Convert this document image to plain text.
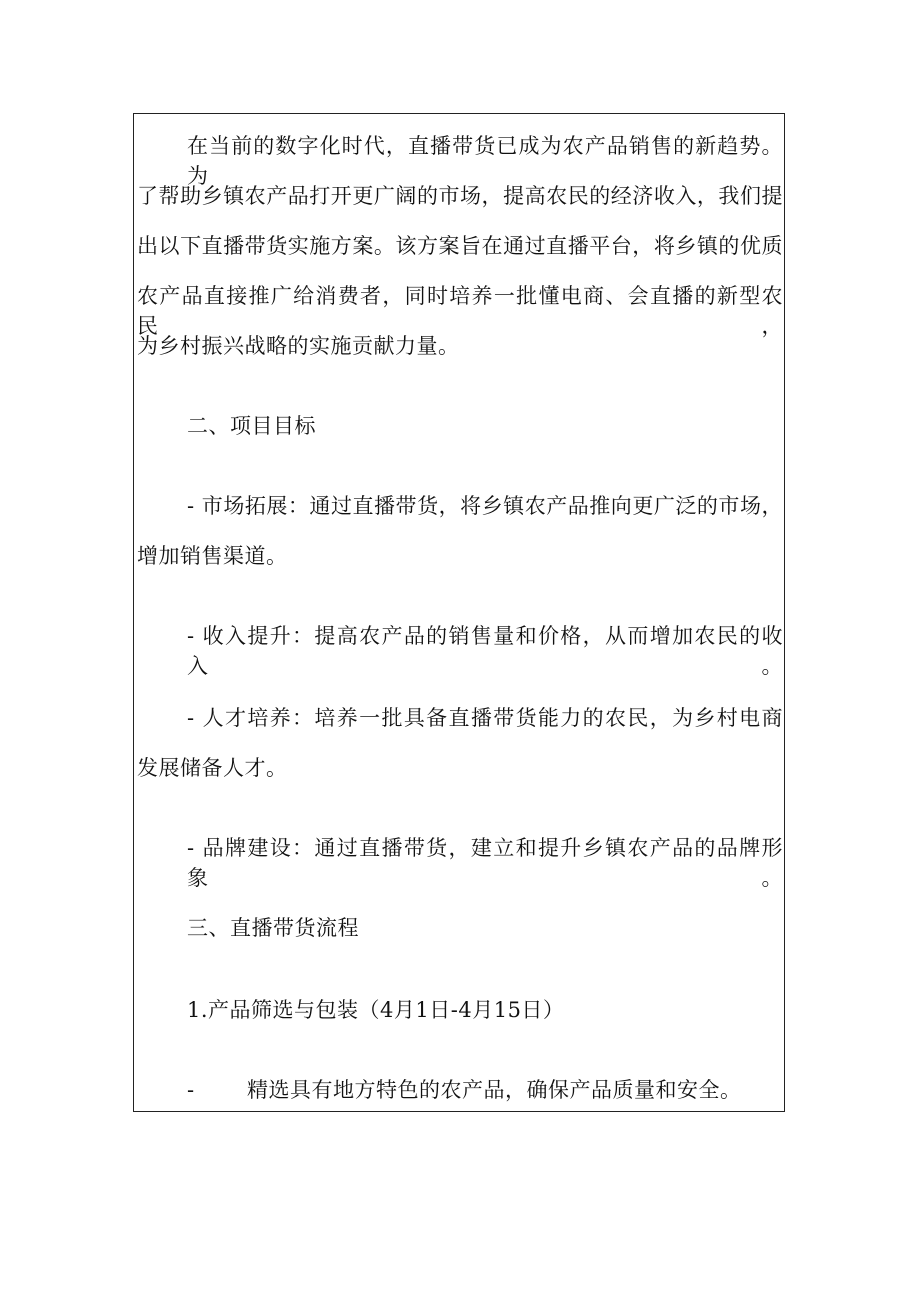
在当前的数字化时代，直播带货已成为农产品销售的新趋势。为
了帮助乡镇农产品打开更广阔的市场，提高农民的经济收入，我们提
出以下直播带货实施方案。该方案旨在通过直播平台，将乡镇的优质
农产品直接推广给消费者，同时培养一批懂电商、会直播的新型农民，
为乡村振兴战略的实施贡献力量。
二、项目目标
- 市场拓展：通过直播带货，将乡镇农产品推向更广泛的市场，
增加销售渠道。
- 收入提升：提高农产品的销售量和价格，从而增加农民的收入。
- 人才培养：培养一批具备直播带货能力的农民，为乡村电商
发展储备人才。
- 品牌建设：通过直播带货，建立和提升乡镇农产品的品牌形象。
三、直播带货流程
1.产品筛选与包装（4月1日-4月15日）
- 精选具有地方特色的农产品，确保产品质量和安全。
